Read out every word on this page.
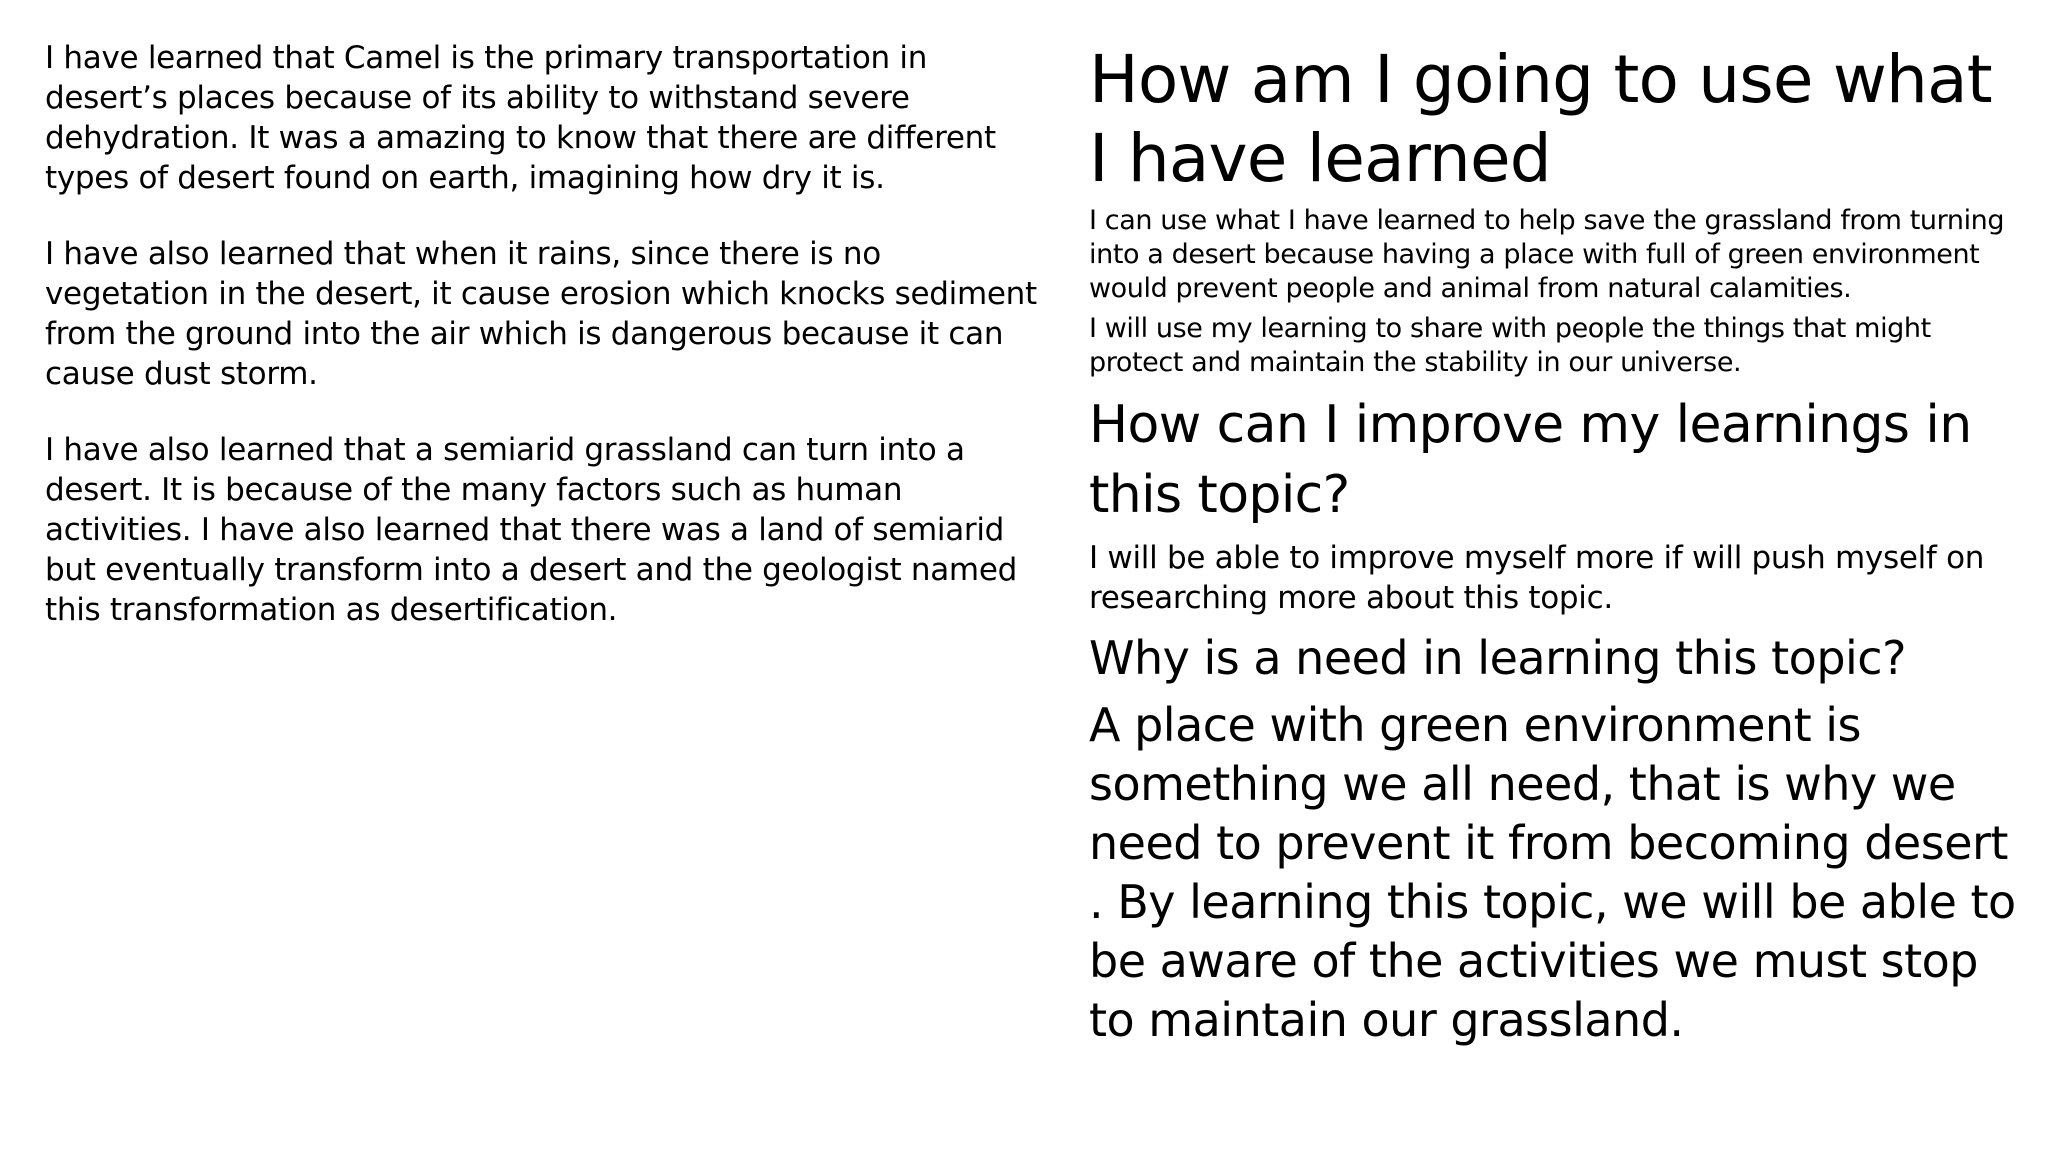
I have learned that Camel is the primary transportation in desert’s places because of its ability to withstand severe dehydration. It was a amazing to know that there are different types of desert found on earth, imagining how dry it is.

I have also learned that when it rains, since there is no vegetation in the desert, it cause erosion which knocks sediment from the ground into the air which is dangerous because it can cause dust storm.

I have also learned that a semiarid grassland can turn into a desert. It is because of the many factors such as human activities. I have also learned that there was a land of semiarid but eventually transform into a desert and the geologist named this transformation as desertification.

How am I going to use what I have learned

I can use what I have learned to help save the grassland from turning into a desert because having a place with full of green environment would prevent people and animal from natural calamities.

I will use my learning to share with people the things that might protect and maintain the stability in our universe.

How can I improve my learnings in this topic?

I will be able to improve myself more if will push myself on researching more about this topic.

Why is a need in learning this topic?

A place with green environment is something we all need, that is why we need to prevent it from becoming desert . By learning this topic, we will be able to be aware of the activities we must stop to maintain our grassland.
